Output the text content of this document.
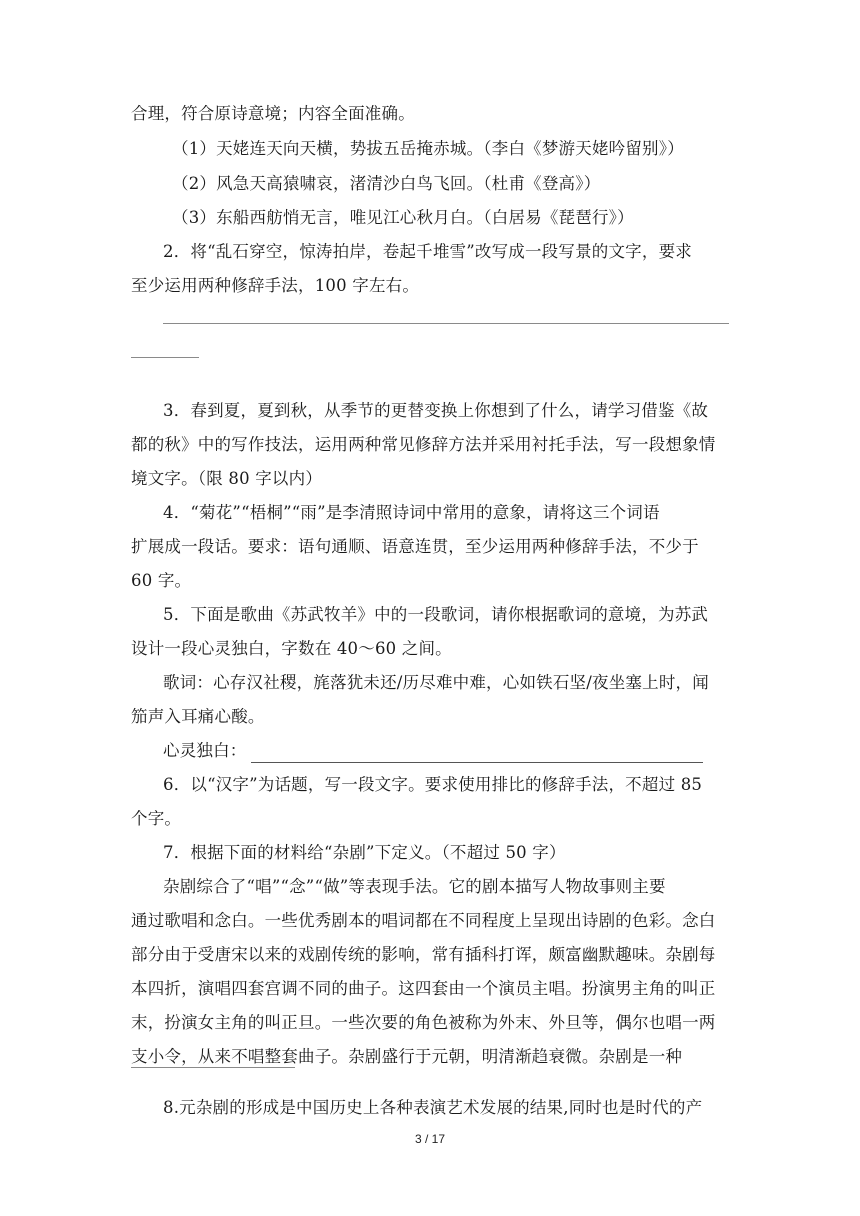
合理，符合原诗意境；内容全面准确。
（1）天姥连天向天横，势拔五岳掩赤城。（李白《梦游天姥吟留别》）
（2）风急天高猿啸哀，渚清沙白鸟飞回。（杜甫《登高》）
（3）东船西舫悄无言，唯见江心秋月白。（白居易《琵琶行》）
2．将“乱石穿空，惊涛拍岸，卷起千堆雪”改写成一段写景的文字，要求
至少运用两种修辞手法，100 字左右。
3．春到夏，夏到秋，从季节的更替变换上你想到了什么，请学习借鉴《故
都的秋》中的写作技法，运用两种常见修辞方法并采用衬托手法，写一段想象情
境文字。（限 80 字以内）
4．“菊花”“梧桐”“雨”是李清照诗词中常用的意象，请将这三个词语
扩展成一段话。要求：语句通顺、语意连贯，至少运用两种修辞手法，不少于
60 字。
5．下面是歌曲《苏武牧羊》中的一段歌词，请你根据歌词的意境，为苏武
设计一段心灵独白，字数在 40～60 之间。
歌词：心存汉社稷，旄落犹未还/历尽难中难，心如铁石坚/夜坐塞上时，闻
笳声入耳痛心酸。
心灵独白：
6．以“汉字”为话题，写一段文字。要求使用排比的修辞手法，不超过 85
个字。
7．根据下面的材料给“杂剧”下定义。（不超过 50 字）
杂剧综合了“唱”“念”“做”等表现手法。它的剧本描写人物故事则主要
通过歌唱和念白。一些优秀剧本的唱词都在不同程度上呈现出诗剧的色彩。念白
部分由于受唐宋以来的戏剧传统的影响，常有插科打诨，颇富幽默趣味。杂剧每
本四折，演唱四套宫调不同的曲子。这四套由一个演员主唱。扮演男主角的叫正
末，扮演女主角的叫正旦。一些次要的角色被称为外末、外旦等，偶尔也唱一两
支小令，从来不唱整套曲子。杂剧盛行于元朝，明清渐趋衰微。杂剧是一种
8.元杂剧的形成是中国历史上各种表演艺术发展的结果,同时也是时代的产
3 / 17
